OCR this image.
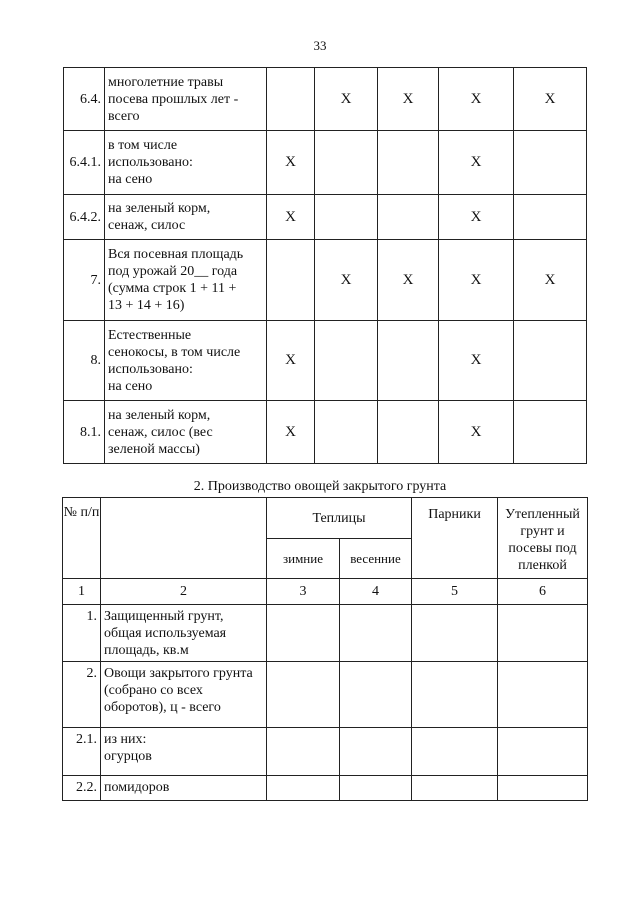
33
6.4.	многолетние травы
посева прошлых лет -
всего		X	X	X	X
6.4.1.	в том числе
использовано:
на сено	X			X	
6.4.2.	на зеленый корм,
сенаж, силос	X			X	
7.	Вся посевная площадь
под урожай 20__ года
(сумма строк 1 + 11 +
13 + 14 + 16)		X	X	X	X
8.	Естественные
сенокосы, в том числе
использовано:
на сено	X			X	
8.1.	на зеленый корм,
сенаж, силос (вес
зеленой массы)	X			X	
2. Производство овощей закрытого грунта
№ п/п		Теплицы		Парники	Утепленный грунт и посевы под пленкой
		зимние	весенние		
1	2	3	4	5	6
1.	Защищенный грунт,
общая используемая
площадь, кв.м				

2.	Овощи закрытого грунта
(собрано со всех
оборотов), ц - всего				

2.1.	из них:
огурцов				

2.2.	помидоров				
